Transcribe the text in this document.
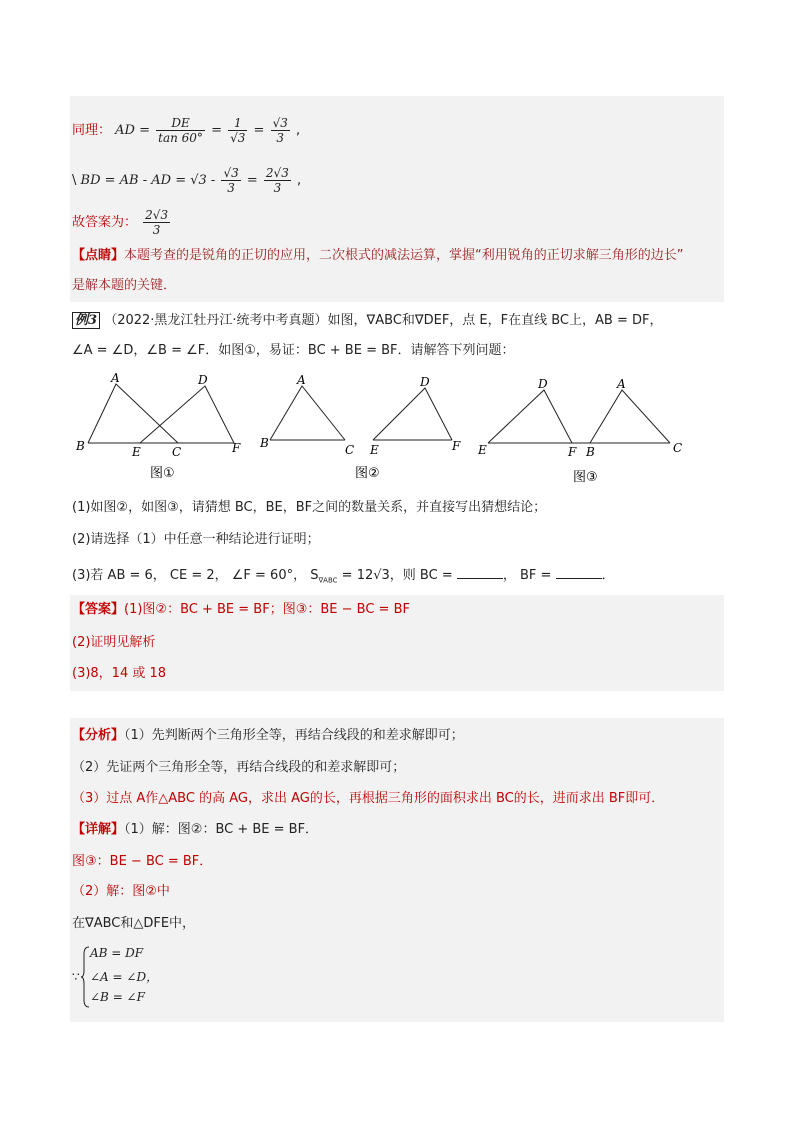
同理： AD = $\frac{DE}{\tan 60^\circ} = \frac{1}{√3} = \frac{√3}{3}$ ,
\ BD = AB - AD = $√3 - \frac{√3}{3} = \frac{2√3}{3}$ ,
故答案为： $\frac{2√3}{3}$
【点睛】本题考查的是锐角的正切的应用，二次根式的减法运算，掌握“利用锐角的正切求解三角形的边长”
是解本题的关键．
例3 （2022·黑龙江牡丹江·统考中考真题）如图，∇ABC和∇DEF，点 E，F在直线 BC上，AB = DF，
∠A = ∠D，∠B = ∠F．如图①，易证：BC + BE = BF．请解答下列问题：
A	D
B	E	C	F
图①
A	D
B	C E	F
图②
D	A
E	F B	C
图③
(1)如图②，如图③，请猜想 BC，BE，BF之间的数量关系，并直接写出猜想结论；
(2)请选择（1）中任意一种结论进行证明；
(3)若 AB = 6， CE = 2， ∠F = 60°， $S_{\nabla ABC} = 12√3$，则 BC =	， BF =	．
【答案】(1)图②：BC + BE = BF；图③：BE − BC = BF
(2)证明见解析
(3)8，14 或 18
【分析】（1）先判断两个三角形全等，再结合线段的和差求解即可；
（2）先证两个三角形全等，再结合线段的和差求解即可；
（3）过点 A作△ABC 的高 AG，求出 AG的长，再根据三角形的面积求出 BC的长，进而求出 BF即可．
【详解】（1）解：图②：BC + BE = BF．
图③：BE − BC = BF．
（2）解：图②中
在∇ABC和△DFE中，
∵
AB = DF
∠A = ∠D，
∠B = ∠F
